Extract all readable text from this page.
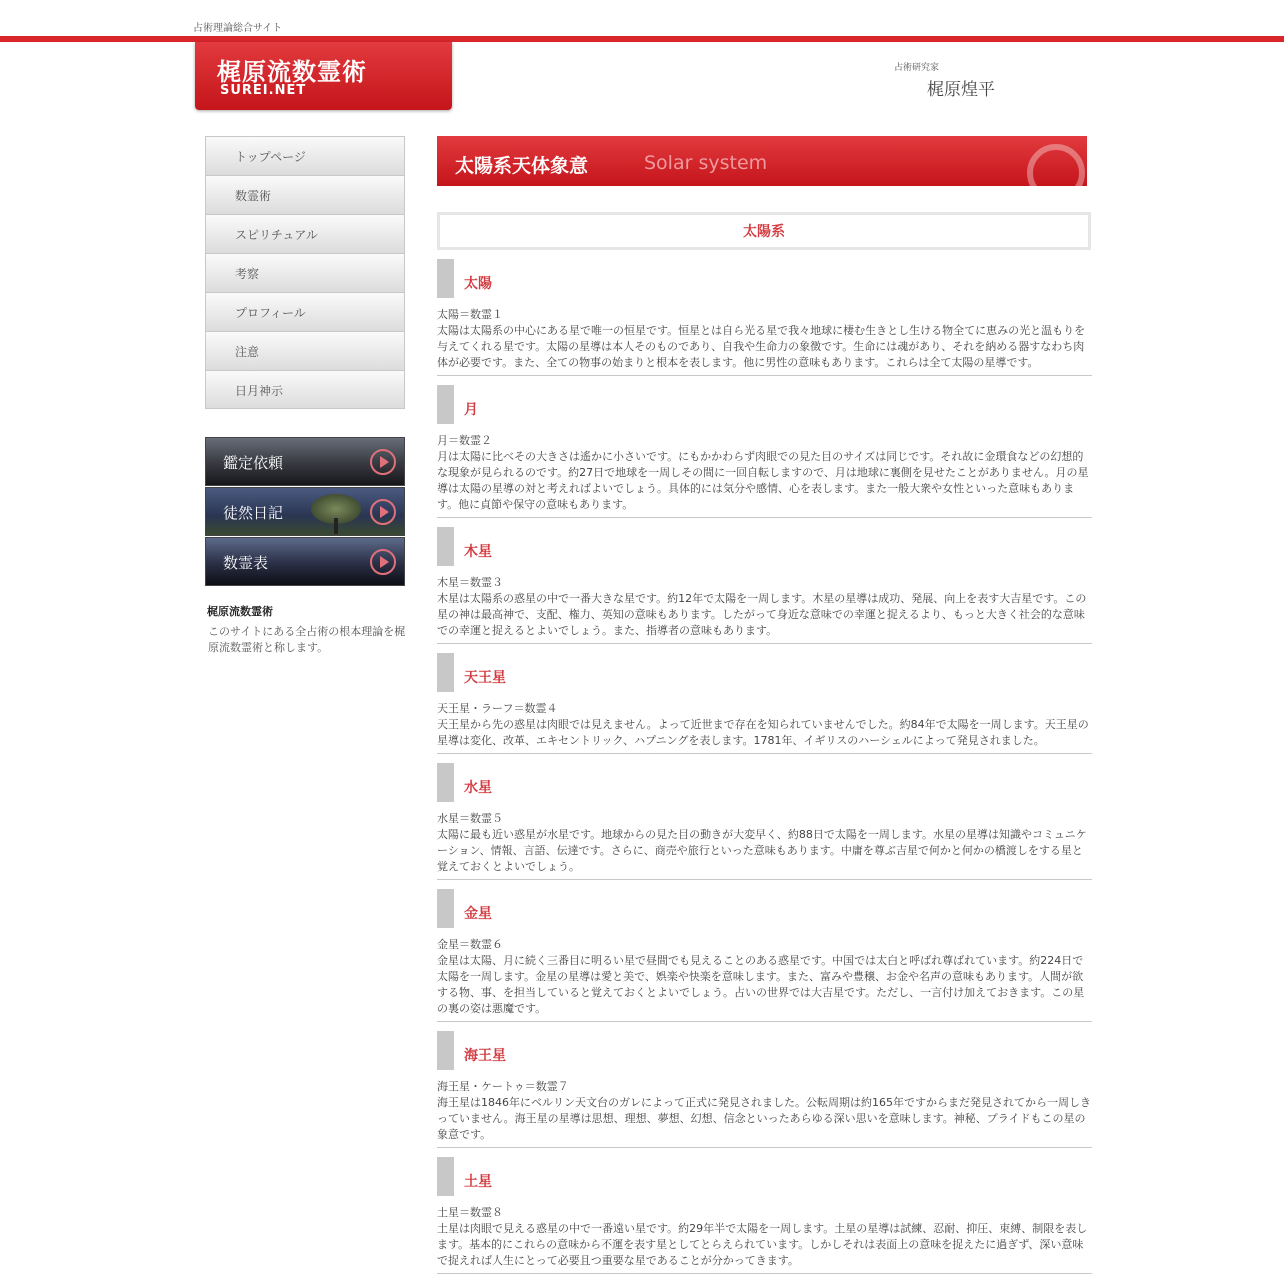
占術理論総合サイト
梶原流数霊術
SUREI.NET
占術研究家
梶原煌平
トップページ
数霊術
スピリチュアル
考察
プロフィール
注意
日月神示
鑑定依頼
徒然日記
数霊表
梶原流数霊術
このサイトにある全占術の根本理論を梶原流数霊術と称します。
太陽系天体象意	Solar system
太陽系
太陽
太陽＝数霊１
太陽は太陽系の中心にある星で唯一の恒星です。恒星とは自ら光る星で我々地球に棲む生きとし生ける物全てに恵みの光と温もりを与えてくれる星です。太陽の星導は本人そのものであり、自我や生命力の象徴です。生命には魂があり、それを納める器すなわち肉体が必要です。また、全ての物事の始まりと根本を表します。他に男性の意味もあります。これらは全て太陽の星導です。
月
月＝数霊２
月は太陽に比べその大きさは遙かに小さいです。にもかかわらず肉眼での見た目のサイズは同じです。それ故に金環食などの幻想的な現象が見られるのです。約27日で地球を一周しその間に一回自転しますので、月は地球に裏側を見せたことがありません。月の星導は太陽の星導の対と考えればよいでしょう。具体的には気分や感情、心を表します。また一般大衆や女性といった意味もあります。他に貞節や保守の意味もあります。
木星
木星＝数霊３
木星は太陽系の惑星の中で一番大きな星です。約12年で太陽を一周します。木星の星導は成功、発展、向上を表す大吉星です。この星の神は最高神で、支配、権力、英知の意味もあります。したがって身近な意味での幸運と捉えるより、もっと大きく社会的な意味での幸運と捉えるとよいでしょう。また、指導者の意味もあります。
天王星
天王星・ラーフ＝数霊４
天王星から先の惑星は肉眼では見えません。よって近世まで存在を知られていませんでした。約84年で太陽を一周します。天王星の星導は変化、改革、エキセントリック、ハプニングを表します。1781年、イギリスのハーシェルによって発見されました。
水星
水星＝数霊５
太陽に最も近い惑星が水星です。地球からの見た目の動きが大変早く、約88日で太陽を一周します。水星の星導は知識やコミュニケーション、情報、言語、伝達です。さらに、商売や旅行といった意味もあります。中庸を尊ぶ吉星で何かと何かの橋渡しをする星と覚えておくとよいでしょう。
金星
金星＝数霊６
金星は太陽、月に続く三番目に明るい星で昼間でも見えることのある惑星です。中国では太白と呼ばれ尊ばれています。約224日で太陽を一周します。金星の星導は愛と美で、娯楽や快楽を意味します。また、富みや豊穣、お金や名声の意味もあります。人間が欲する物、事、を担当していると覚えておくとよいでしょう。占いの世界では大吉星です。ただし、一言付け加えておきます。この星の裏の姿は悪魔です。
海王星
海王星・ケートゥ＝数霊７
海王星は1846年にベルリン天文台のガレによって正式に発見されました。公転周期は約165年ですからまだ発見されてから一周しきっていません。海王星の星導は思想、理想、夢想、幻想、信念といったあらゆる深い思いを意味します。神秘、プライドもこの星の象意です。
土星
土星＝数霊８
土星は肉眼で見える惑星の中で一番遠い星です。約29年半で太陽を一周します。土星の星導は試練、忍耐、抑圧、束縛、制限を表します。基本的にこれらの意味から不運を表す星としてとらえられています。しかしそれは表面上の意味を捉えたに過ぎず、深い意味で捉えれば人生にとって必要且つ重要な星であることが分かってきます。
